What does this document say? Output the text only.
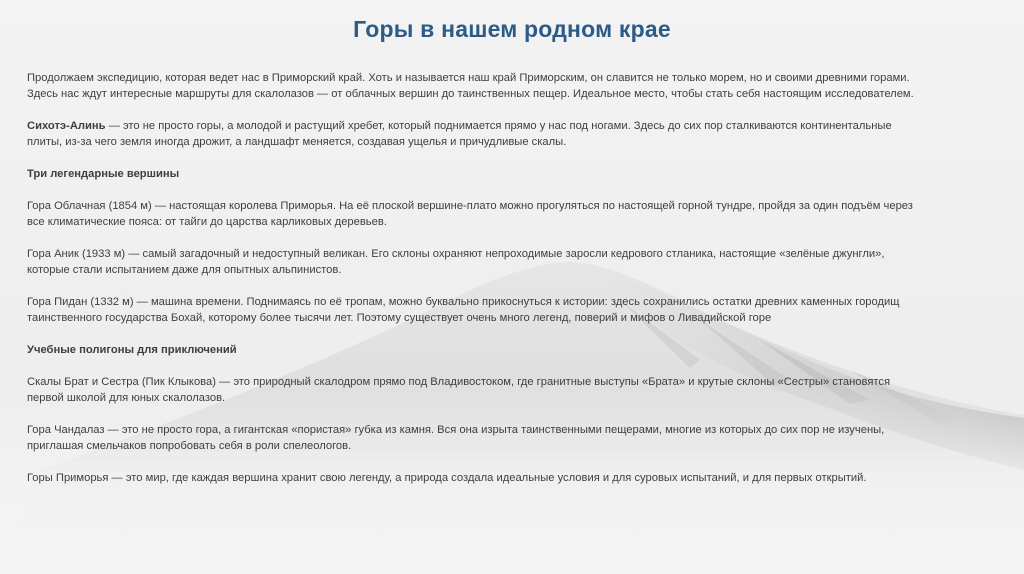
Горы в нашем родном крае

Продолжаем экспедицию, которая ведет нас в Приморский край. Хоть и называется наш край Приморским, он славится не только морем, но и своими древними горами. Здесь нас ждут интересные маршруты для скалолазов — от облачных вершин до таинственных пещер. Идеальное место, чтобы стать себя настоящим исследователем.

Сихотэ-Алинь — это не просто горы, а молодой и растущий хребет, который поднимается прямо у нас под ногами. Здесь до сих пор сталкиваются континентальные плиты, из-за чего земля иногда дрожит, а ландшафт меняется, создавая ущелья и причудливые скалы.

Три легендарные вершины

Гора Облачная (1854 м) — настоящая королева Приморья. На её плоской вершине-плато можно прогуляться по настоящей горной тундре, пройдя за один подъём через все климатические пояса: от тайги до царства карликовых деревьев.

Гора Аник (1933 м) — самый загадочный и недоступный великан. Его склоны охраняют непроходимые заросли кедрового стланика, настоящие «зелёные джунгли», которые стали испытанием даже для опытных альпинистов.

Гора Пидан (1332 м) — машина времени. Поднимаясь по её тропам, можно буквально прикоснуться к истории: здесь сохранились остатки древних каменных городищ таинственного государства Бохай, которому более тысячи лет. Поэтому существует очень много легенд, поверий и мифов о Ливадийской горе

Учебные полигоны для приключений

Скалы Брат и Сестра (Пик Клыкова) — это природный скалодром прямо под Владивостоком, где гранитные выступы «Брата» и крутые склоны «Сестры» становятся первой школой для юных скалолазов.

Гора Чандалаз — это не просто гора, а гигантская «пористая» губка из камня. Вся она изрыта таинственными пещерами, многие из которых до сих пор не изучены, приглашая смельчаков попробовать себя в роли спелеологов.

Горы Приморья — это мир, где каждая вершина хранит свою легенду, а природа создала идеальные условия и для суровых испытаний, и для первых открытий.
